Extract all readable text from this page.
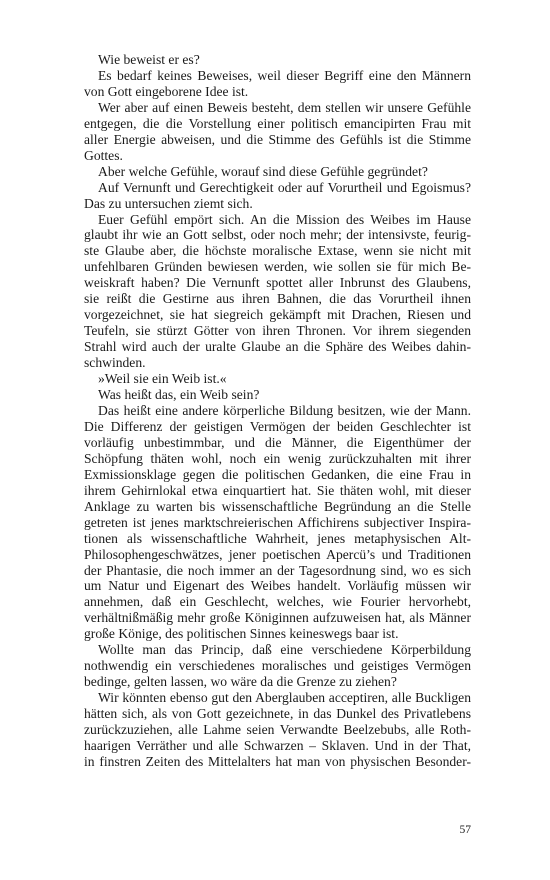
Wie beweist er es?
Es bedarf keines Beweises, weil dieser Begriff eine den Männern
von Gott eingeborene Idee ist.
Wer aber auf einen Beweis besteht, dem stellen wir unsere Gefühle
entgegen, die die Vorstellung einer politisch emancipirten Frau mit
aller Energie abweisen, und die Stimme des Gefühls ist die Stimme
Gottes.
Aber welche Gefühle, worauf sind diese Gefühle gegründet?
Auf Vernunft und Gerechtigkeit oder auf Vorurtheil und Egoismus?
Das zu untersuchen ziemt sich.
Euer Gefühl empört sich. An die Mission des Weibes im Hause
glaubt ihr wie an Gott selbst, oder noch mehr; der intensivste, feurig-
ste Glaube aber, die höchste moralische Extase, wenn sie nicht mit
unfehlbaren Gründen bewiesen werden, wie sollen sie für mich Be-
weiskraft haben? Die Vernunft spottet aller Inbrunst des Glaubens,
sie reißt die Gestirne aus ihren Bahnen, die das Vorurtheil ihnen
vorgezeichnet, sie hat siegreich gekämpft mit Drachen, Riesen und
Teufeln, sie stürzt Götter von ihren Thronen. Vor ihrem siegenden
Strahl wird auch der uralte Glaube an die Sphäre des Weibes dahin-
schwinden.
»Weil sie ein Weib ist.«
Was heißt das, ein Weib sein?
Das heißt eine andere körperliche Bildung besitzen, wie der Mann.
Die Differenz der geistigen Vermögen der beiden Geschlechter ist
vorläufig unbestimmbar, und die Männer, die Eigenthümer der
Schöpfung thäten wohl, noch ein wenig zurückzuhalten mit ihrer
Exmissionsklage gegen die politischen Gedanken, die eine Frau in
ihrem Gehirnlokal etwa einquartiert hat. Sie thäten wohl, mit dieser
Anklage zu warten bis wissenschaftliche Begründung an die Stelle
getreten ist jenes marktschreierischen Affichirens subjectiver Inspira-
tionen als wissenschaftliche Wahrheit, jenes metaphysischen Alt-
Philosophengeschwätzes, jener poetischen Apercü’s und Traditionen
der Phantasie, die noch immer an der Tagesordnung sind, wo es sich
um Natur und Eigenart des Weibes handelt. Vorläufig müssen wir
annehmen, daß ein Geschlecht, welches, wie Fourier hervorhebt,
verhältnißmäßig mehr große Königinnen aufzuweisen hat, als Männer
große Könige, des politischen Sinnes keineswegs baar ist.
Wollte man das Princip, daß eine verschiedene Körperbildung
nothwendig ein verschiedenes moralisches und geistiges Vermögen
bedinge, gelten lassen, wo wäre da die Grenze zu ziehen?
Wir könnten ebenso gut den Aberglauben acceptiren, alle Buckligen
hätten sich, als von Gott gezeichnete, in das Dunkel des Privatlebens
zurückzuziehen, alle Lahme seien Verwandte Beelzebubs, alle Roth-
haarigen Verräther und alle Schwarzen – Sklaven. Und in der That,
in finstren Zeiten des Mittelalters hat man von physischen Besonder-
57
